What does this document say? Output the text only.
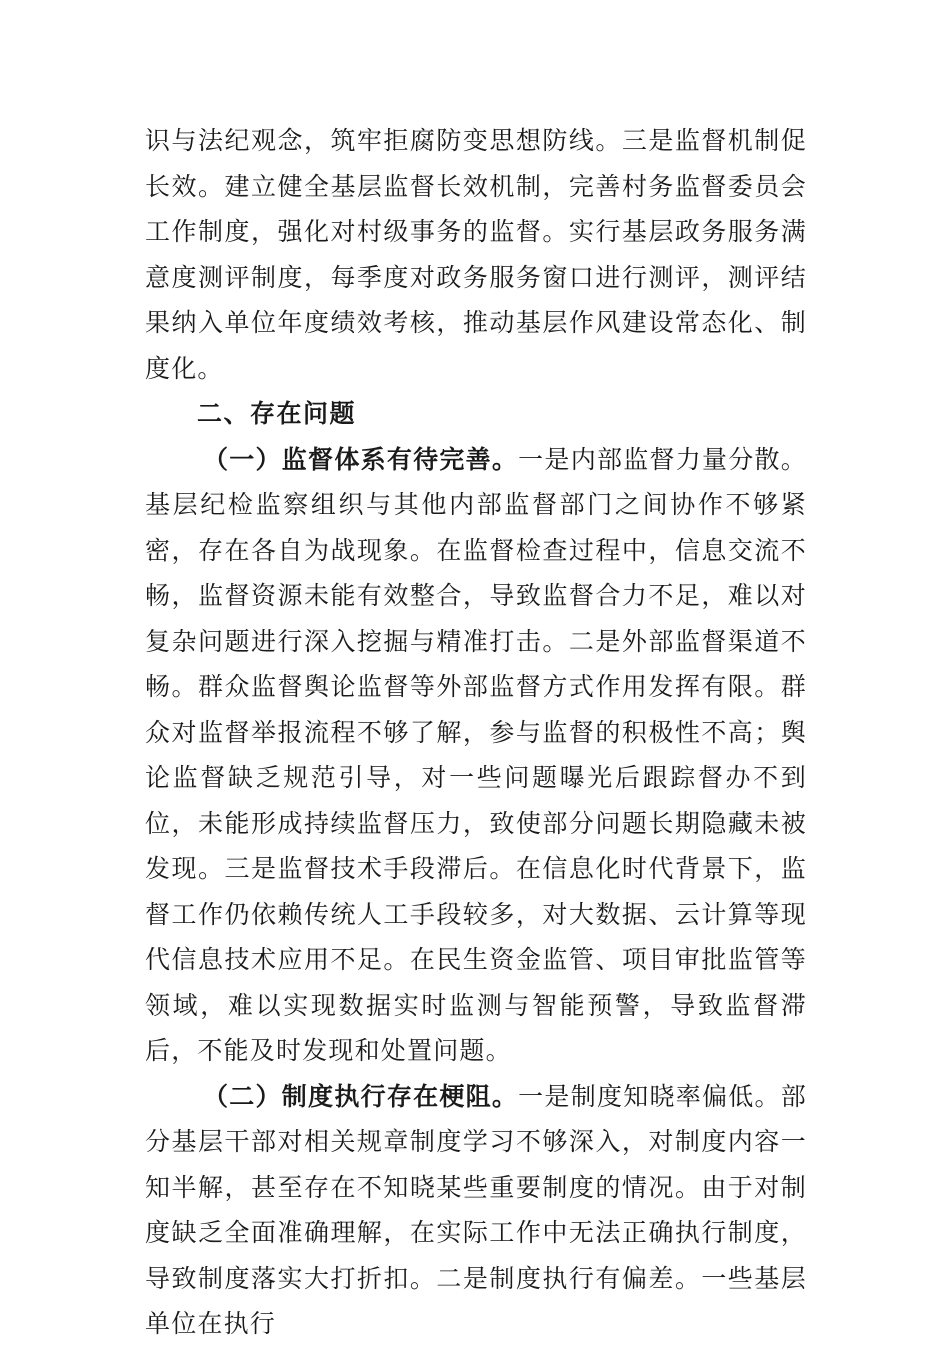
识与法纪观念，筑牢拒腐防变思想防线。三是监督机制促长效。建立健全基层监督长效机制，完善村务监督委员会工作制度，强化对村级事务的监督。实行基层政务服务满意度测评制度，每季度对政务服务窗口进行测评，测评结果纳入单位年度绩效考核，推动基层作风建设常态化、制度化。

二、存在问题

（一）监督体系有待完善。一是内部监督力量分散。基层纪检监察组织与其他内部监督部门之间协作不够紧密，存在各自为战现象。在监督检查过程中，信息交流不畅，监督资源未能有效整合，导致监督合力不足，难以对复杂问题进行深入挖掘与精准打击。二是外部监督渠道不畅。群众监督舆论监督等外部监督方式作用发挥有限。群众对监督举报流程不够了解，参与监督的积极性不高；舆论监督缺乏规范引导，对一些问题曝光后跟踪督办不到位，未能形成持续监督压力，致使部分问题长期隐藏未被发现。三是监督技术手段滞后。在信息化时代背景下，监督工作仍依赖传统人工手段较多，对大数据、云计算等现代信息技术应用不足。在民生资金监管、项目审批监管等领域，难以实现数据实时监测与智能预警，导致监督滞后，不能及时发现和处置问题。

（二）制度执行存在梗阻。一是制度知晓率偏低。部分基层干部对相关规章制度学习不够深入，对制度内容一知半解，甚至存在不知晓某些重要制度的情况。由于对制度缺乏全面准确理解，在实际工作中无法正确执行制度，导致制度落实大打折扣。二是制度执行有偏差。一些基层单位在执行
